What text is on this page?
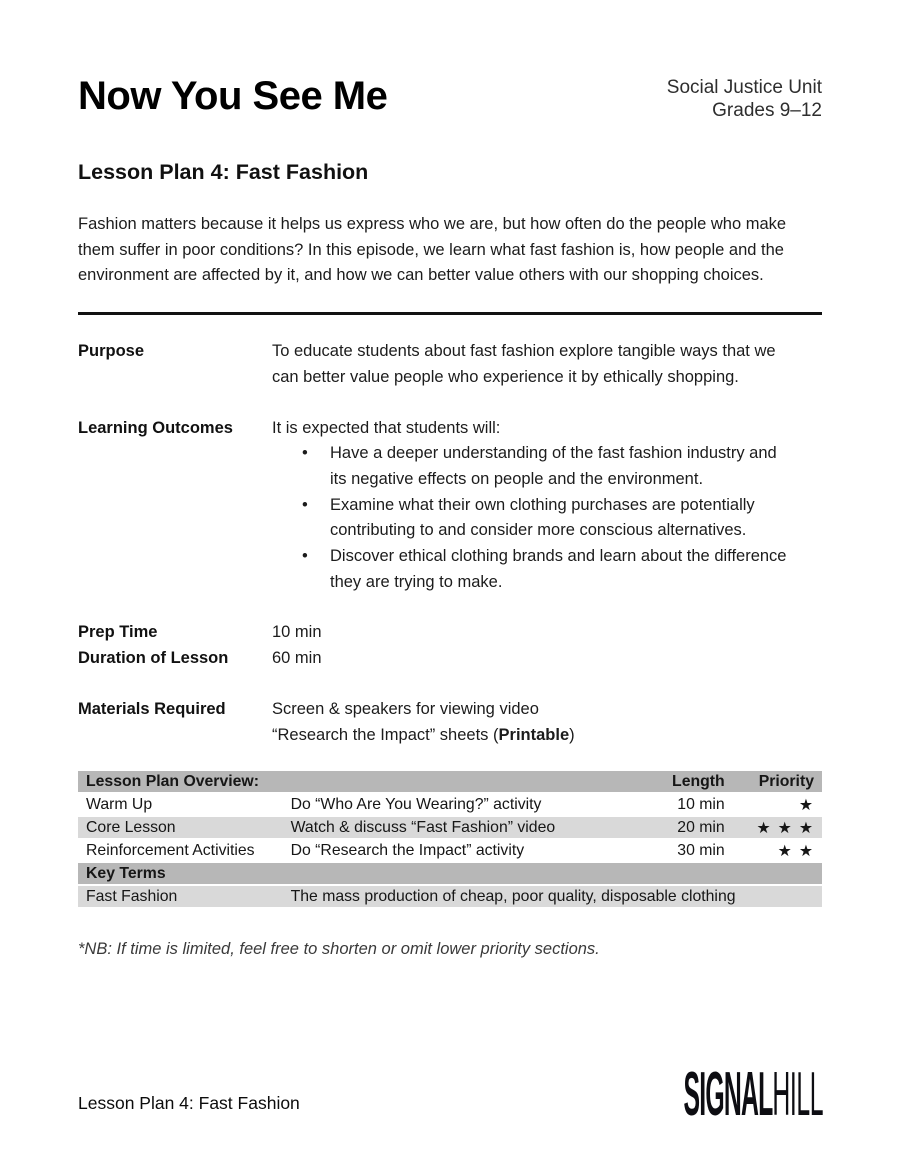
Now You See Me	Social Justice Unit
Grades 9–12
Lesson Plan 4: Fast Fashion

Fashion matters because it helps us express who we are, but how often do the people who make them suffer in poor conditions? In this episode, we learn what fast fashion is, how people and the environment are affected by it, and how we can better value others with our shopping choices.

Purpose	To educate students about fast fashion explore tangible ways that we can better value people who experience it by ethically shopping.
Learning Outcomes	It is expected that students will:
• Have a deeper understanding of the fast fashion industry and its negative effects on people and the environment.
• Examine what their own clothing purchases are potentially contributing to and consider more conscious alternatives.
• Discover ethical clothing brands and learn about the difference they are trying to make.
Prep Time	10 min
Duration of Lesson	60 min
Materials Required	Screen & speakers for viewing video
“Research the Impact” sheets (Printable)
Lesson Plan Overview:		Length	Priority
Warm Up	Do “Who Are You Wearing?” activity	10 min	★
Core Lesson	Watch & discuss “Fast Fashion” video	20 min	★ ★ ★
Reinforcement Activities	Do “Research the Impact” activity	30 min	★ ★
Key Terms			
Fast Fashion	The mass production of cheap, poor quality, disposable clothing		
*NB: If time is limited, feel free to shorten or omit lower priority sections.
Lesson Plan 4: Fast Fashion	SIGNALHILL
